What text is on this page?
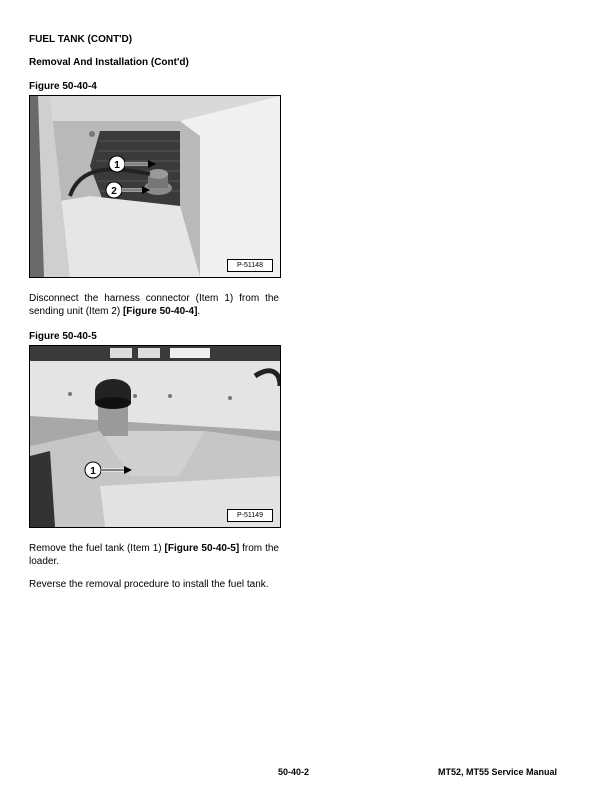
FUEL TANK (CONT'D)
Removal And Installation (Cont'd)
Figure 50-40-4
1
2
P-51148
Disconnect the harness connector (Item 1) from the sending unit (Item 2) [Figure 50-40-4].
Figure 50-40-5
1
P-51149
Remove the fuel tank (Item 1) [Figure 50-40-5] from the loader.
Reverse the removal procedure to install the fuel tank.
50-40-2	MT52, MT55 Service Manual
